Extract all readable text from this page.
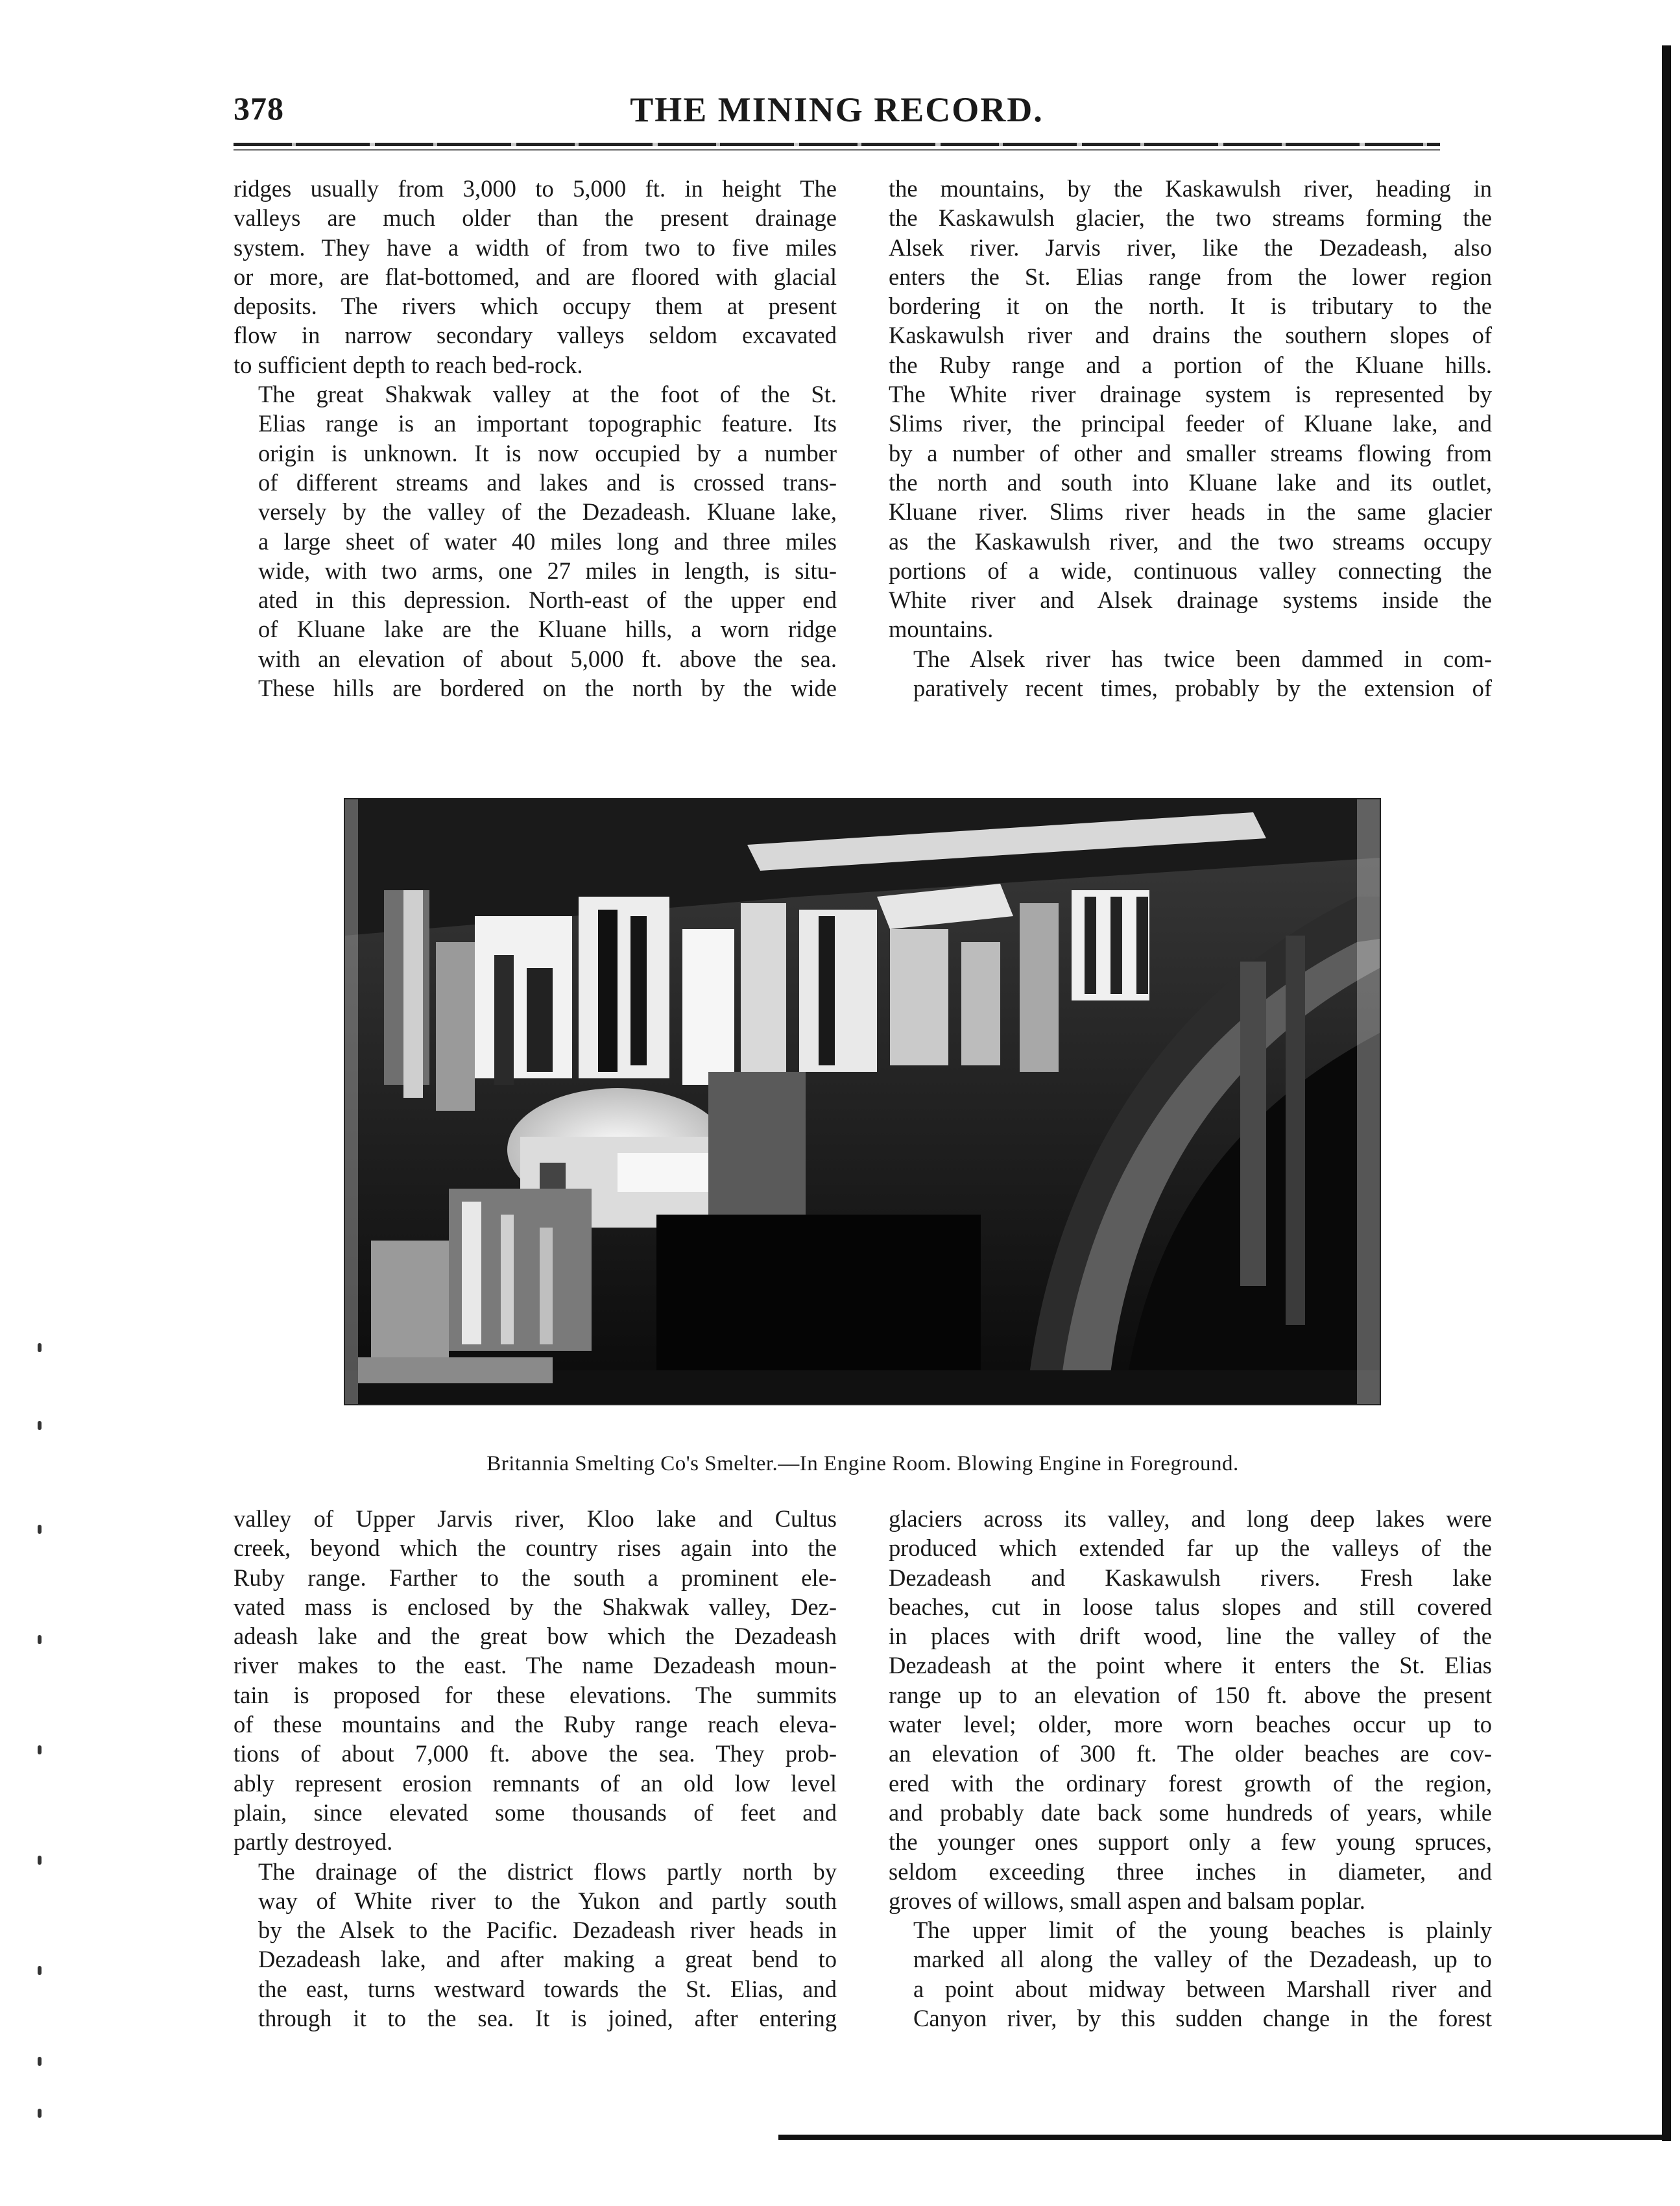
378	THE MINING RECORD.

ridges usually from 3,000 to 5,000 ft. in height The
valleys are much older than the present drainage
system. They have a width of from two to five miles
or more, are flat-bottomed, and are floored with glacial
deposits. The rivers which occupy them at present
flow in narrow secondary valleys seldom excavated
to sufficient depth to reach bed-rock.

The great Shakwak valley at the foot of the St.
Elias range is an important topographic feature. Its
origin is unknown. It is now occupied by a number
of different streams and lakes and is crossed trans-
versely by the valley of the Dezadeash. Kluane lake,
a large sheet of water 40 miles long and three miles
wide, with two arms, one 27 miles in length, is situ-
ated in this depression. North-east of the upper end
of Kluane lake are the Kluane hills, a worn ridge
with an elevation of about 5,000 ft. above the sea.
These hills are bordered on the north by the wide

the mountains, by the Kaskawulsh river, heading in
the Kaskawulsh glacier, the two streams forming the
Alsek river. Jarvis river, like the Dezadeash, also
enters the St. Elias range from the lower region
bordering it on the north. It is tributary to the
Kaskawulsh river and drains the southern slopes of
the Ruby range and a portion of the Kluane hills.
The White river drainage system is represented by
Slims river, the principal feeder of Kluane lake, and
by a number of other and smaller streams flowing from
the north and south into Kluane lake and its outlet,
Kluane river. Slims river heads in the same glacier
as the Kaskawulsh river, and the two streams occupy
portions of a wide, continuous valley connecting the
White river and Alsek drainage systems inside the
mountains.

The Alsek river has twice been dammed in com-
paratively recent times, probably by the extension of

Britannia Smelting Co's Smelter.—In Engine Room. Blowing Engine in Foreground.

valley of Upper Jarvis river, Kloo lake and Cultus
creek, beyond which the country rises again into the
Ruby range. Farther to the south a prominent ele-
vated mass is enclosed by the Shakwak valley, Dez-
adeash lake and the great bow which the Dezadeash
river makes to the east. The name Dezadeash moun-
tain is proposed for these elevations. The summits
of these mountains and the Ruby range reach eleva-
tions of about 7,000 ft. above the sea. They prob-
ably represent erosion remnants of an old low level
plain, since elevated some thousands of feet and
partly destroyed.

The drainage of the district flows partly north by
way of White river to the Yukon and partly south
by the Alsek to the Pacific. Dezadeash river heads in
Dezadeash lake, and after making a great bend to
the east, turns westward towards the St. Elias, and
through it to the sea. It is joined, after entering

glaciers across its valley, and long deep lakes were
produced which extended far up the valleys of the
Dezadeash and Kaskawulsh rivers. Fresh lake
beaches, cut in loose talus slopes and still covered
in places with drift wood, line the valley of the
Dezadeash at the point where it enters the St. Elias
range up to an elevation of 150 ft. above the present
water level; older, more worn beaches occur up to
an elevation of 300 ft. The older beaches are cov-
ered with the ordinary forest growth of the region,
and probably date back some hundreds of years, while
the younger ones support only a few young spruces,
seldom exceeding three inches in diameter, and
groves of willows, small aspen and balsam poplar.

The upper limit of the young beaches is plainly
marked all along the valley of the Dezadeash, up to
a point about midway between Marshall river and
Canyon river, by this sudden change in the forest
